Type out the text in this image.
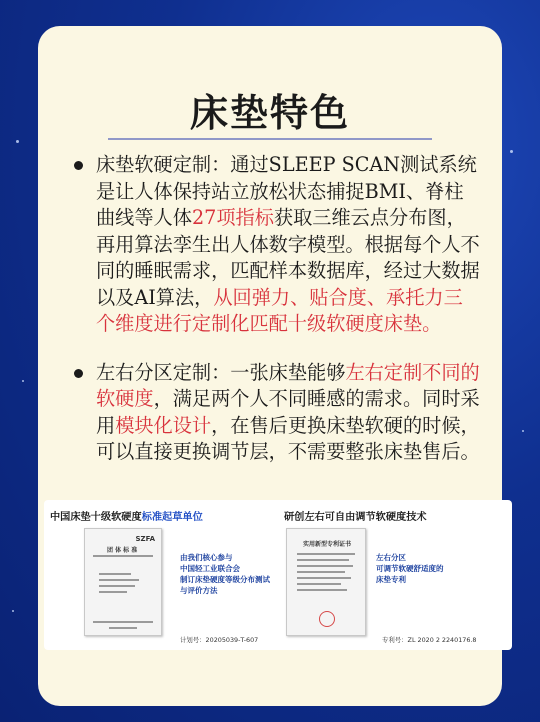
床垫特色
床垫软硬定制：通过SLEEP SCAN测试系统是让人体保持站立放松状态捕捉BMI、脊柱曲线等人体27项指标获取三维云点分布图，再用算法孪生出人体数字模型。根据每个人不同的睡眠需求，匹配样本数据库，经过大数据以及AI算法，从回弹力、贴合度、承托力三个维度进行定制化匹配十级软硬度床垫。
左右分区定制：一张床垫能够左右定制不同的软硬度，满足两个人不同睡感的需求。同时采用模块化设计，在售后更换床垫软硬的时候，可以直接更换调节层，不需要整张床垫售后。
中国床垫十级软硬度标准起草单位
SZFA
团 体 标 准
由我们核心参与
中国轻工业联合会
制订床垫硬度等级分布测试
与评价方法
计划号：20205039-T-607
研创左右可自由调节软硬度技术
实用新型专利证书
左右分区
可调节软硬舒适度的
床垫专利
专利号：ZL 2020 2 2240176.8
